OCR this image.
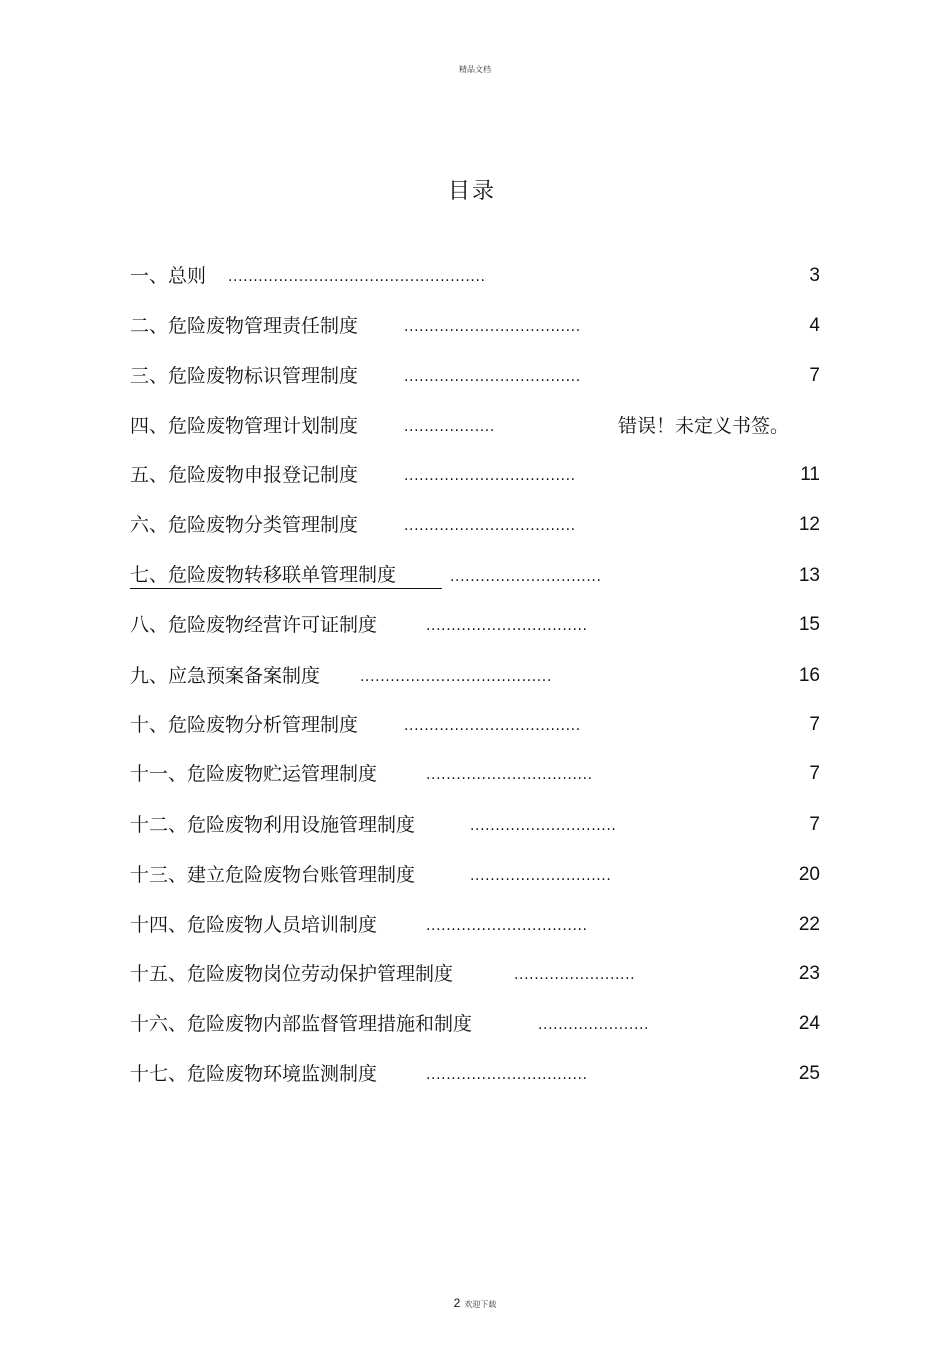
精品文档
目录
一、总则 ...................................................	3
二、危险废物管理责任制度	...................................	4
三、危险废物标识管理制度	...................................	7
四、危险废物管理计划制度	..................	错误！未定义书签。
五、危险废物申报登记制度	..................................	11
六、危险废物分类管理制度	..................................	12
七、危险废物转移联单管理制度	..............................	13
八、危险废物经营许可证制度	................................	15
九、应急预案备案制度	......................................	16
十、危险废物分析管理制度	...................................	7
十一、危险废物贮运管理制度	.................................	7
十二、危险废物利用设施管理制度	.............................	7
十三、建立危险废物台账管理制度	............................	20
十四、危险废物人员培训制度	................................	22
十五、危险废物岗位劳动保护管理制度	........................	23
十六、危险废物内部监督管理措施和制度	......................	24
十七、危险废物环境监测制度	................................	25
2 欢迎下载
